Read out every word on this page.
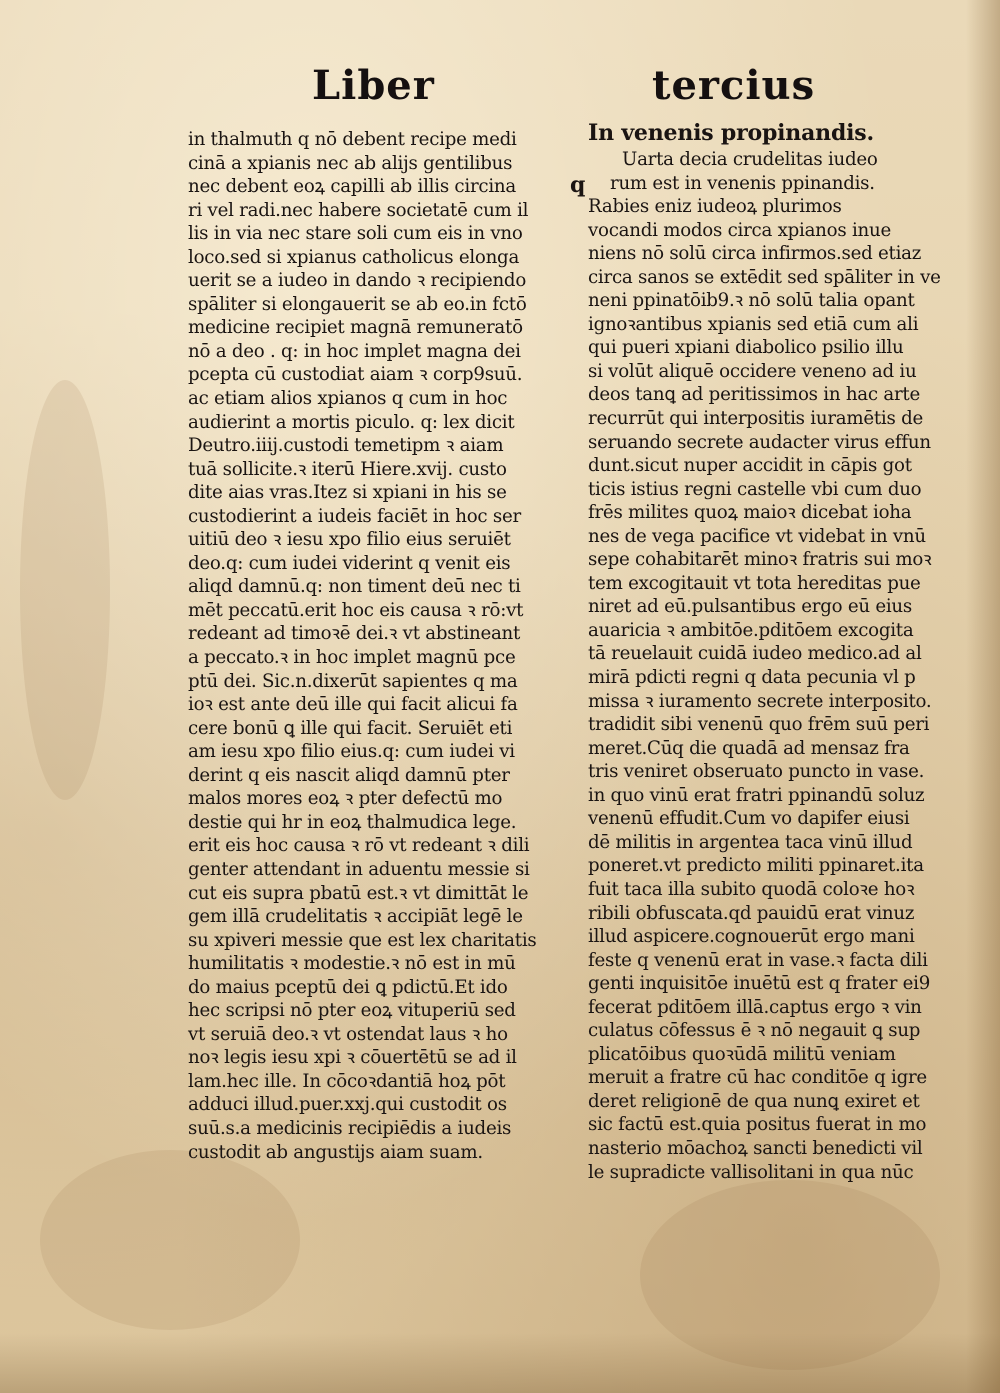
Liber	tercius
in thalmuth q nō debent recipe medi
cinā a xpianis nec ab alijs gentilibus
nec debent eoꝝ capilli ab illis circina
ri vel radi.nec habere societatē cum il
lis in via nec stare soli cum eis in vno
loco.sed si xpianus catholicus elonga
uerit se a iudeo in dando ꝛ recipiendo
spāliter si elongauerit se ab eo.in fctō
medicine recipiet magnā remuneratō
nō a deo . q: in hoc implet magna dei
pcepta cū custodiat aiam ꝛ corp9suū.
ac etiam alios xpianos q cum in hoc
audierint a mortis piculo. q: lex dicit
Deutro.iiij.custodi temetipm ꝛ aiam
tuā sollicite.ꝛ iterū Hiere.xvij. custo
dite aias vras.Itez si xpiani in his se
custodierint a iudeis faciēt in hoc ser
uitiū deo ꝛ iesu xpo filio eius seruiēt
deo.q: cum iudei viderint q venit eis
aliqd damnū.q: non timent deū nec ti
mēt peccatū.erit hoc eis causa ꝛ rō:vt
redeant ad timoꝛē dei.ꝛ vt abstineant
a peccato.ꝛ in hoc implet magnū pce
ptū dei. Sic.n.dixerūt sapientes q ma
ioꝛ est ante deū ille qui facit alicui fa
cere bonū ꝗ ille qui facit. Seruiēt eti
am iesu xpo filio eius.q: cum iudei vi
derint q eis nascit aliqd damnū pter
malos mores eoꝝ ꝛ pter defectū mo
destie qui hr in eoꝝ thalmudica lege.
erit eis hoc causa ꝛ rō vt redeant ꝛ dili
genter attendant in aduentu messie si
cut eis supra pbatū est.ꝛ vt dimittāt le
gem illā crudelitatis ꝛ accipiāt legē le
su xpiveri messie que est lex charitatis
humilitatis ꝛ modestie.ꝛ nō est in mū
do maius pceptū dei ꝗ pdictū.Et ido
hec scripsi nō pter eoꝝ vituperiū sed
vt seruiā deo.ꝛ vt ostendat laus ꝛ ho
noꝛ legis iesu xpi ꝛ cōuertētū se ad il
lam.hec ille. In cōcoꝛdantiā hoꝝ pōt
adduci illud.puer.xxj.qui custodit os
suū.s.a medicinis recipiēdis a iudeis
custodit ab angustijs aiam suam.
In venenis propinandis.
q
Uarta decia crudelitas iudeo
rum est in venenis ppinandis.
Rabies eniz iudeoꝝ plurimos
vocandi modos circa xpianos inue
niens nō solū circa infirmos.sed etiaz
circa sanos se extēdit sed spāliter in ve
neni ppinatōib9.ꝛ nō solū talia opant
ignoꝛantibus xpianis sed etiā cum ali
qui pueri xpiani diabolico psilio illu
si volūt aliquē occidere veneno ad iu
deos tanꝗ ad peritissimos in hac arte
recurrūt qui interpositis iuramētis de
seruando secrete audacter virus effun
dunt.sicut nuper accidit in cāpis got
ticis istius regni castelle vbi cum duo
frēs milites quoꝝ maioꝛ dicebat ioha
nes de vega pacifice vt videbat in vnū
sepe cohabitarēt minoꝛ fratris sui moꝛ
tem excogitauit vt tota hereditas pue
niret ad eū.pulsantibus ergo eū eius
auaricia ꝛ ambitōe.pditōem excogita
tā reuelauit cuidā iudeo medico.ad al
mirā pdicti regni q data pecunia vl p
missa ꝛ iuramento secrete interposito.
tradidit sibi venenū quo frēm suū peri
meret.Cūq die quadā ad mensaz fra
tris veniret obseruato puncto in vase.
in quo vinū erat fratri ppinandū soluz
venenū effudit.Cum vo dapifer eiusi
dē militis in argentea taca vinū illud
poneret.vt predicto militi ppinaret.ita
fuit taca illa subito quodā coloꝛe hoꝛ
ribili obfuscata.qd pauidū erat vinuz
illud aspicere.cognouerūt ergo mani
feste q venenū erat in vase.ꝛ facta dili
genti inquisitōe inuētū est q frater ei9
fecerat pditōem illā.captus ergo ꝛ vin
culatus cōfessus ē ꝛ nō negauit ꝗ sup
plicatōibus quoꝛūdā militū veniam
meruit a fratre cū hac conditōe q igre
deret religionē de qua nunꝗ exiret et
sic factū est.quia positus fuerat in mo
nasterio mōachoꝝ sancti benedicti vil
le supradicte vallisolitani in qua nūc
